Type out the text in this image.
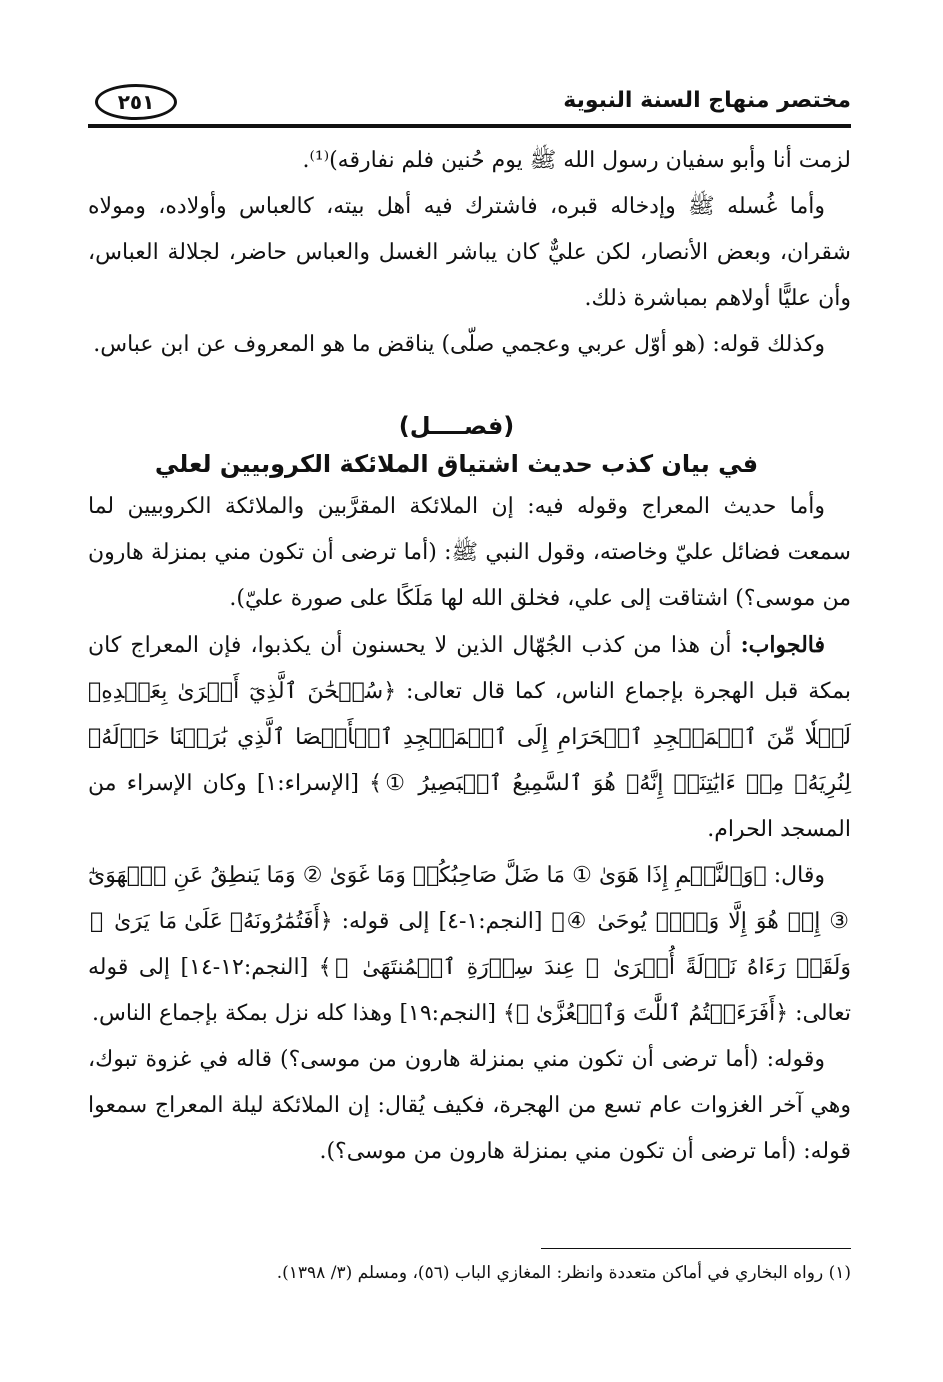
مختصر منهاج السنة النبوية
٢٥١

لزمت أنا وأبو سفيان رسول الله ﷺ يوم حُنين فلم نفارقه)⁽¹⁾.

وأما غُسله ﷺ وإدخاله قبره، فاشترك فيه أهل بيته، كالعباس وأولاده، ومولاه شقران، وبعض الأنصار، لكن عليٌّ كان يباشر الغسل والعباس حاضر، لجلالة العباس، وأن عليًّا أولاهم بمباشرة ذلك.

وكذلك قوله: (هو أوّل عربي وعجمي صلّى) يناقض ما هو المعروف عن ابن عباس.

(فصــــل)

في بيان كذب حديث اشتياق الملائكة الكروبيين لعلي

وأما حديث المعراج وقوله فيه: إن الملائكة المقرَّبين والملائكة الكروبيين لما سمعت فضائل عليّ وخاصته، وقول النبي ﷺ: (أما ترضى أن تكون مني بمنزلة هارون من موسى؟) اشتاقت إلى علي، فخلق الله لها مَلَكًا على صورة عليّ).

فالجواب: أن هذا من كذب الجُهّال الذين لا يحسنون أن يكذبوا، فإن المعراج كان بمكة قبل الهجرة بإجماع الناس، كما قال تعالى: ﴿سُبۡحَٰنَ ٱلَّذِيٓ أَسۡرَىٰ بِعَبۡدِهِۦ لَيۡلٗا مِّنَ ٱلۡمَسۡجِدِ ٱلۡحَرَامِ إِلَى ٱلۡمَسۡجِدِ ٱلۡأَقۡصَا ٱلَّذِي بَٰرَكۡنَا حَوۡلَهُۥ لِنُرِيَهُۥ مِنۡ ءَايَٰتِنَآۚ إِنَّهُۥ هُوَ ٱلسَّمِيعُ ٱلۡبَصِيرُ ①﴾ [الإسراء:١] وكان الإسراء من المسجد الحرام.

وقال: ﴿وَٱلنَّجۡمِ إِذَا هَوَىٰ ① مَا ضَلَّ صَاحِبُكُمۡ وَمَا غَوَىٰ ② وَمَا يَنطِقُ عَنِ ٱلۡهَوَىٰٓ ③ إِنۡ هُوَ إِلَّا وَحۡيٞ يُوحَىٰ ④﴾ [النجم:١-٤] إلى قوله: ﴿أَفَتُمَٰرُونَهُۥ عَلَىٰ مَا يَرَىٰ ⑫ وَلَقَدۡ رَءَاهُ نَزۡلَةً أُخۡرَىٰ ⑬ عِندَ سِدۡرَةِ ٱلۡمُنتَهَىٰ ⑭﴾ [النجم:١٢-١٤] إلى قوله تعالى: ﴿أَفَرَءَيۡتُمُ ٱللَّٰتَ وَٱلۡعُزَّىٰ ⑲﴾ [النجم:١٩] وهذا كله نزل بمكة بإجماع الناس.

وقوله: (أما ترضى أن تكون مني بمنزلة هارون من موسى؟) قاله في غزوة تبوك، وهي آخر الغزوات عام تسع من الهجرة، فكيف يُقال: إن الملائكة ليلة المعراج سمعوا قوله: (أما ترضى أن تكون مني بمنزلة هارون من موسى؟).

(١) رواه البخاري في أماكن متعددة وانظر: المغازي الباب (٥٦)، ومسلم (٣/ ١٣٩٨).
